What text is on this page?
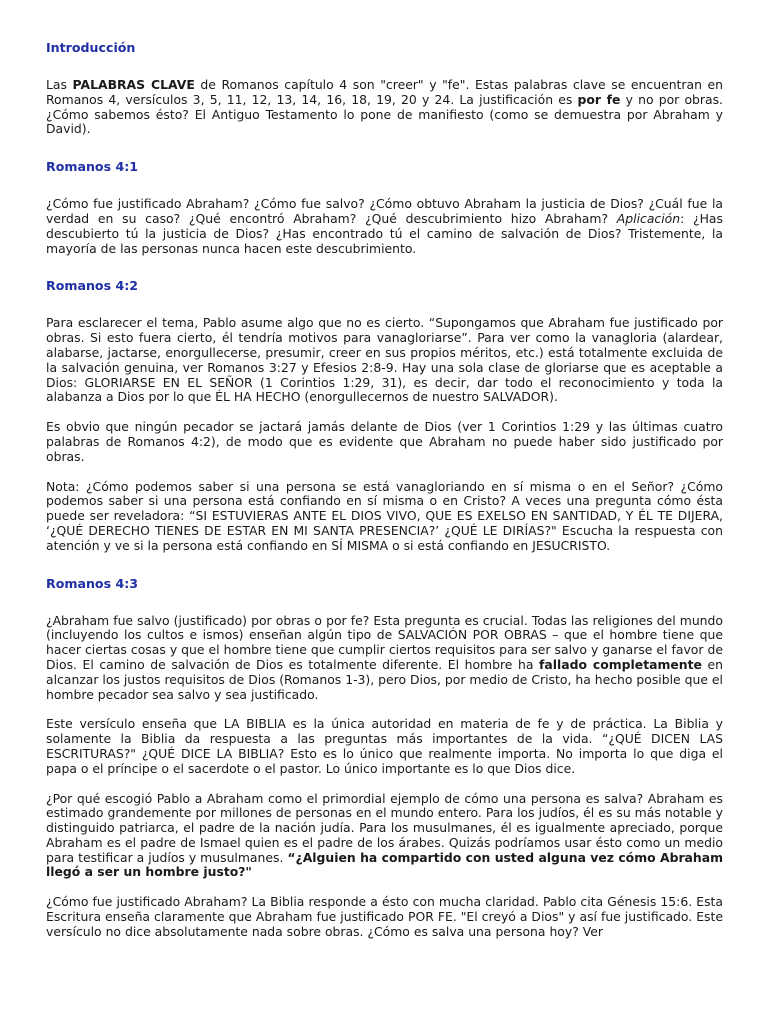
Introducción

Las PALABRAS CLAVE de Romanos capítulo 4 son "creer" y "fe". Estas palabras clave se encuentran en Romanos 4, versículos 3, 5, 11, 12, 13, 14, 16, 18, 19, 20 y 24. La justificación es por fe y no por obras. ¿Cómo sabemos ésto? El Antiguo Testamento lo pone de manifiesto (como se demuestra por Abraham y David).

Romanos 4:1

¿Cómo fue justificado Abraham? ¿Cómo fue salvo? ¿Cómo obtuvo Abraham la justicia de Dios? ¿Cuál fue la verdad en su caso? ¿Qué encontró Abraham? ¿Qué descubrimiento hizo Abraham? Aplicación: ¿Has descubierto tú la justicia de Dios? ¿Has encontrado tú el camino de salvación de Dios? Tristemente, la mayoría de las personas nunca hacen este descubrimiento.

Romanos 4:2

Para esclarecer el tema, Pablo asume algo que no es cierto. “Supongamos que Abraham fue justificado por obras. Si esto fuera cierto, él tendría motivos para vanagloriarse”. Para ver como la vanagloria (alardear, alabarse, jactarse, enorgullecerse, presumir, creer en sus propios méritos, etc.) está totalmente excluida de la salvación genuina, ver Romanos 3:27 y Efesios 2:8-9. Hay una sola clase de gloriarse que es aceptable a Dios: GLORIARSE EN EL SEÑOR (1 Corintios 1:29, 31), es decir, dar todo el reconocimiento y toda la alabanza a Dios por lo que ÉL HA HECHO (enorgullecernos de nuestro SALVADOR).

Es obvio que ningún pecador se jactará jamás delante de Dios (ver 1 Corintios 1:29 y las últimas cuatro palabras de Romanos 4:2), de modo que es evidente que Abraham no puede haber sido justificado por obras.

Nota: ¿Cómo podemos saber si una persona se está vanagloriando en sí misma o en el Señor? ¿Cómo podemos saber si una persona está confiando en sí misma o en Cristo? A veces una pregunta cómo ésta puede ser reveladora: “SI ESTUVIERAS ANTE EL DIOS VIVO, QUE ES EXELSO EN SANTIDAD, Y ÉL TE DIJERA, ‘¿QUÉ DERECHO TIENES DE ESTAR EN MI SANTA PRESENCIA?’ ¿QUÉ LE DIRÍAS?" Escucha la respuesta con atención y ve si la persona está confiando en SÍ MISMA o si está confiando en JESUCRISTO.

Romanos 4:3

¿Abraham fue salvo (justificado) por obras o por fe? Esta pregunta es crucial. Todas las religiones del mundo (incluyendo los cultos e ismos) enseñan algún tipo de SALVACIÓN POR OBRAS – que el hombre tiene que hacer ciertas cosas y que el hombre tiene que cumplir ciertos requisitos para ser salvo y ganarse el favor de Dios. El camino de salvación de Dios es totalmente diferente. El hombre ha fallado completamente en alcanzar los justos requisitos de Dios (Romanos 1-3), pero Dios, por medio de Cristo, ha hecho posible que el hombre pecador sea salvo y sea justificado.

Este versículo enseña que LA BIBLIA es la única autoridad en materia de fe y de práctica. La Biblia y solamente la Biblia da respuesta a las preguntas más importantes de la vida. “¿QUÉ DICEN LAS ESCRITURAS?" ¿QUÉ DICE LA BIBLIA? Esto es lo único que realmente importa. No importa lo que diga el papa o el príncipe o el sacerdote o el pastor. Lo único importante es lo que Dios dice.

¿Por qué escogió Pablo a Abraham como el primordial ejemplo de cómo una persona es salva? Abraham es estimado grandemente por millones de personas en el mundo entero. Para los judíos, él es su más notable y distinguido patriarca, el padre de la nación judía. Para los musulmanes, él es igualmente apreciado, porque Abraham es el padre de Ismael quien es el padre de los árabes. Quizás podríamos usar ésto como un medio para testificar a judíos y musulmanes. “¿Alguien ha compartido con usted alguna vez cómo Abraham llegó a ser un hombre justo?"

¿Cómo fue justificado Abraham? La Biblia responde a ésto con mucha claridad. Pablo cita Génesis 15:6. Esta Escritura enseña claramente que Abraham fue justificado POR FE. "El creyó a Dios" y así fue justificado. Este versículo no dice absolutamente nada sobre obras. ¿Cómo es salva una persona hoy? Ver
